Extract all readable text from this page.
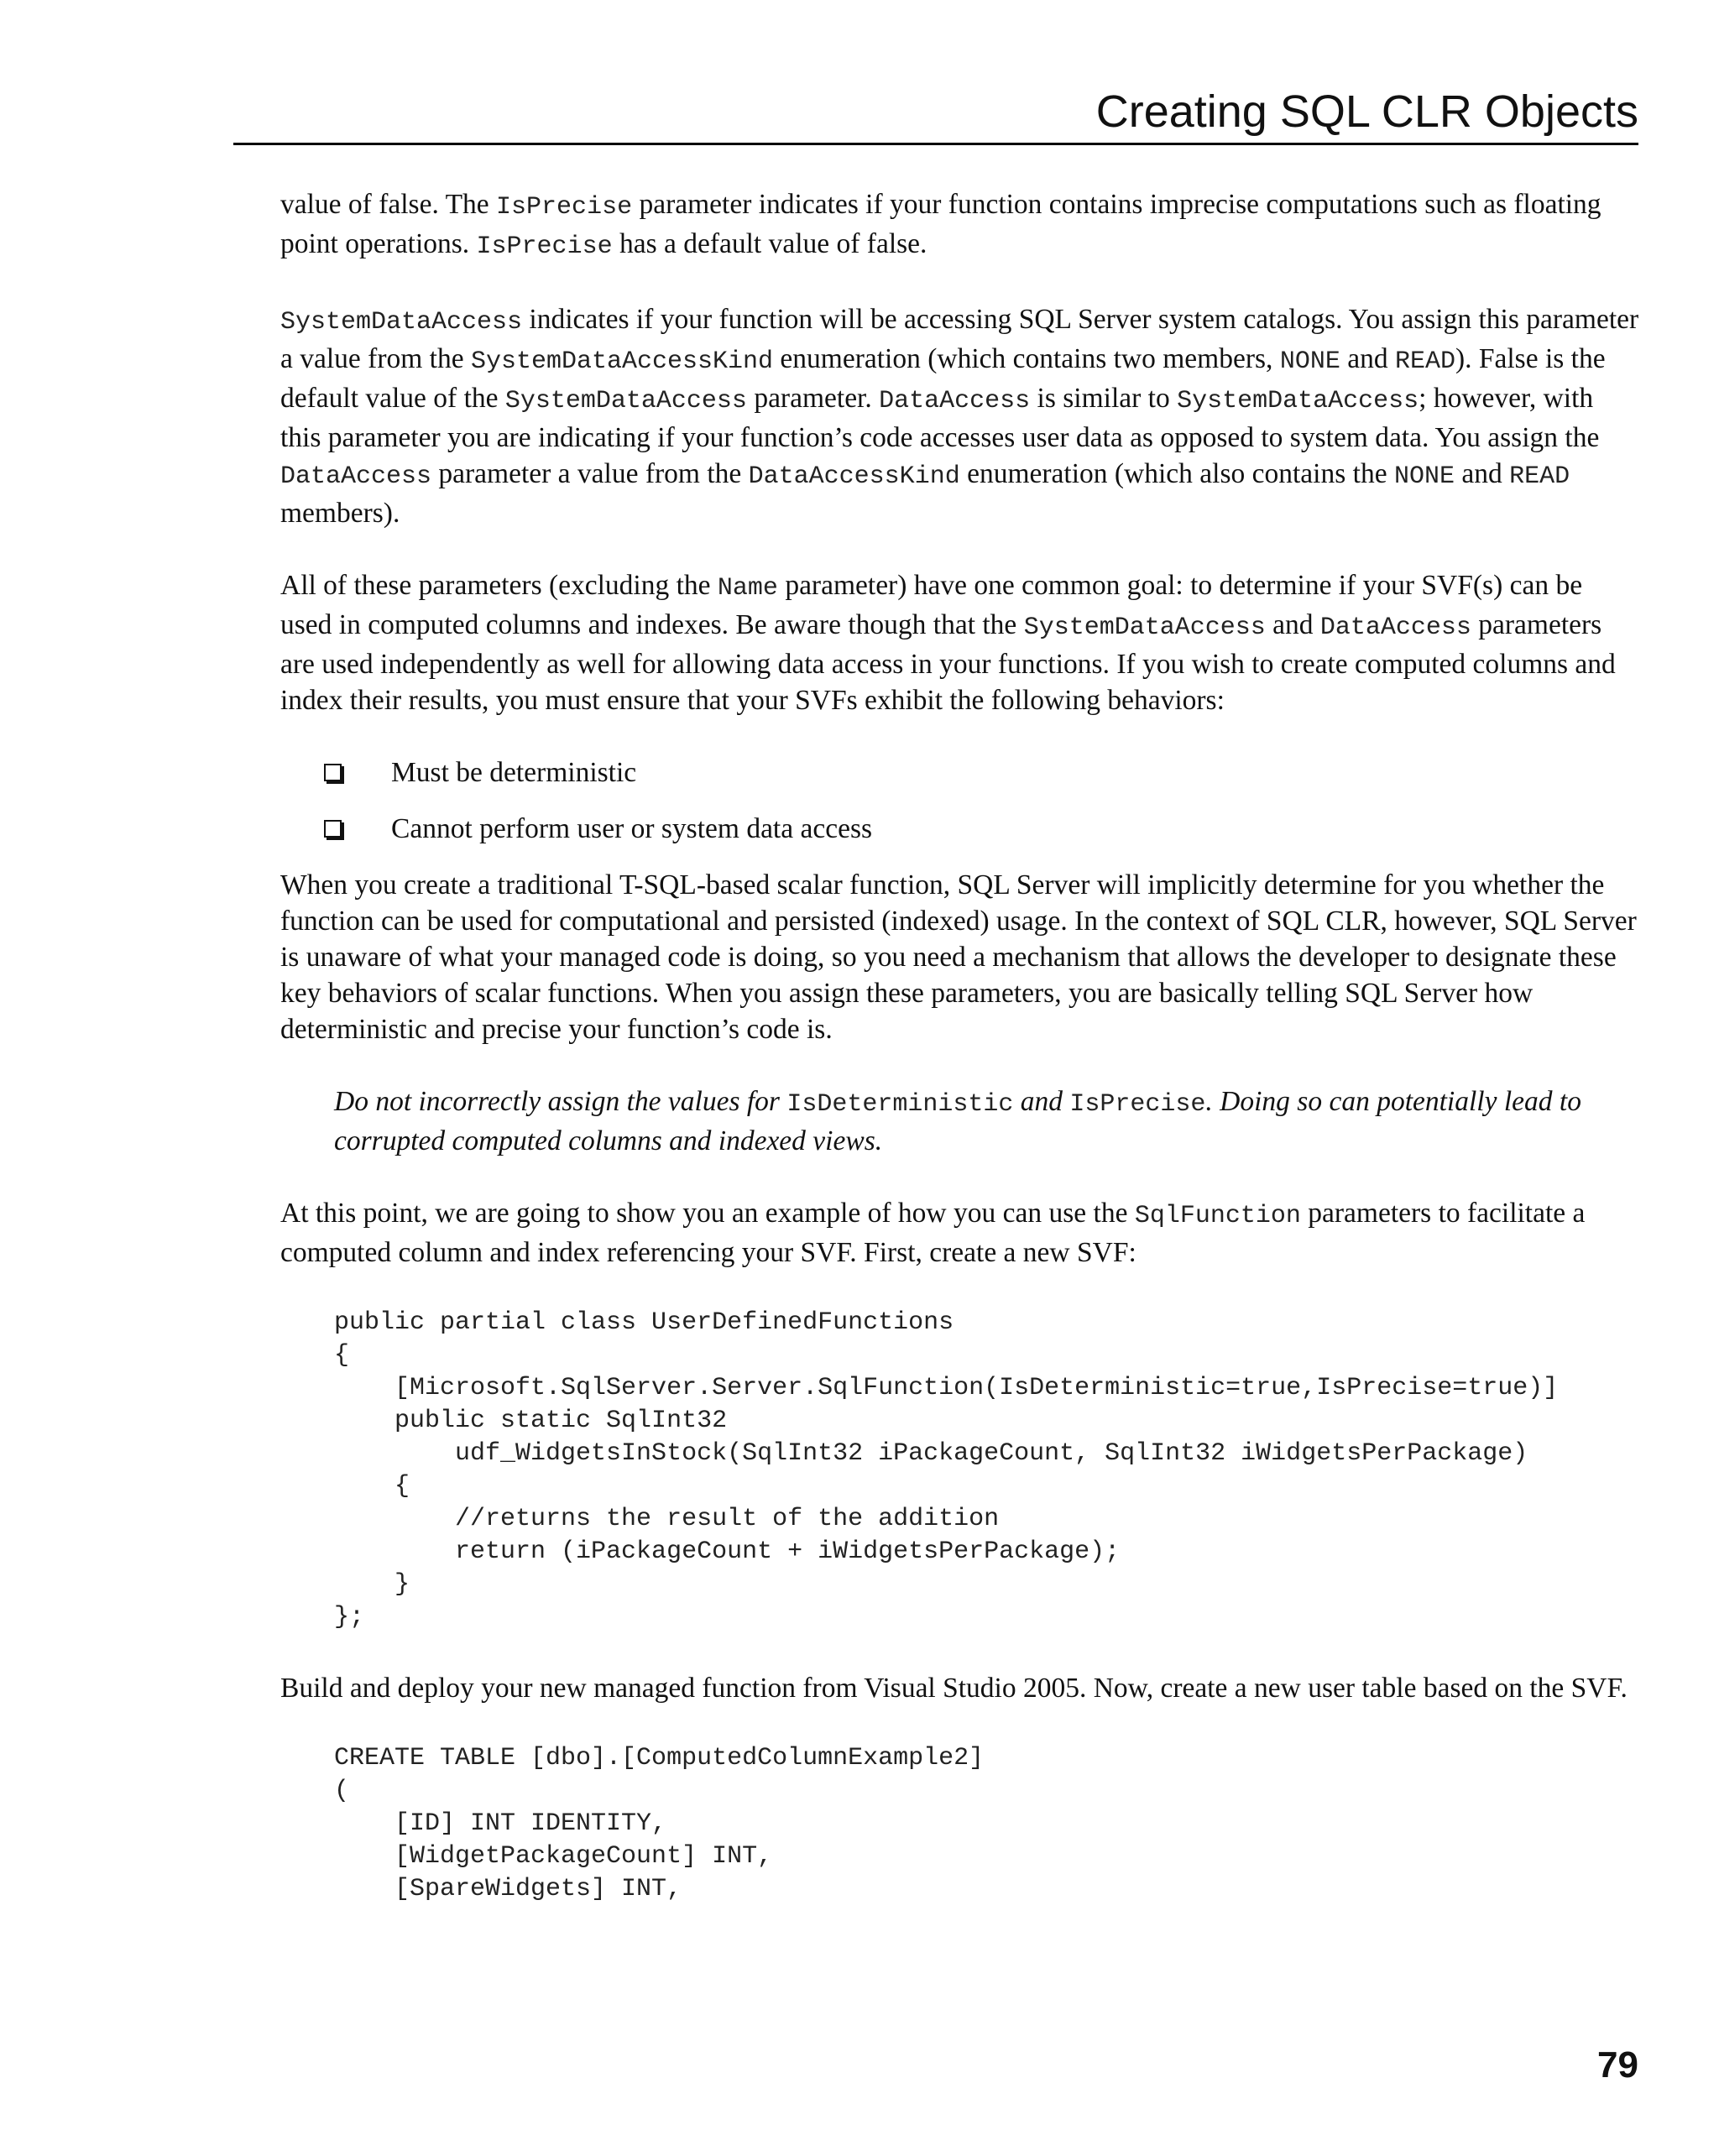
Creating SQL CLR Objects

value of false. The IsPrecise parameter indicates if your function contains imprecise computations such as floating point operations. IsPrecise has a default value of false.

SystemDataAccess indicates if your function will be accessing SQL Server system catalogs. You assign this parameter a value from the SystemDataAccessKind enumeration (which contains two members, NONE and READ). False is the default value of the SystemDataAccess parameter. DataAccess is similar to SystemDataAccess; however, with this parameter you are indicating if your function’s code accesses user data as opposed to system data. You assign the DataAccess parameter a value from the DataAccessKind enumeration (which also contains the NONE and READ members).

All of these parameters (excluding the Name parameter) have one common goal: to determine if your SVF(s) can be used in computed columns and indexes. Be aware though that the SystemDataAccess and DataAccess parameters are used independently as well for allowing data access in your functions. If you wish to create computed columns and index their results, you must ensure that your SVFs exhibit the following behaviors:

Must be deterministic
Cannot perform user or system data access

When you create a traditional T-SQL-based scalar function, SQL Server will implicitly determine for you whether the function can be used for computational and persisted (indexed) usage. In the context of SQL CLR, however, SQL Server is unaware of what your managed code is doing, so you need a mechanism that allows the developer to designate these key behaviors of scalar functions. When you assign these parameters, you are basically telling SQL Server how deterministic and precise your function’s code is.

Do not incorrectly assign the values for IsDeterministic and IsPrecise. Doing so can potentially lead to corrupted computed columns and indexed views.

At this point, we are going to show you an example of how you can use the SqlFunction parameters to facilitate a computed column and index referencing your SVF. First, create a new SVF:

public partial class UserDefinedFunctions
{
[Microsoft.SqlServer.Server.SqlFunction(IsDeterministic=true,IsPrecise=true)]
public static SqlInt32
udf_WidgetsInStock(SqlInt32 iPackageCount, SqlInt32 iWidgetsPerPackage)
{
//returns the result of the addition
return (iPackageCount + iWidgetsPerPackage);
}
};

Build and deploy your new managed function from Visual Studio 2005. Now, create a new user table based on the SVF.

CREATE TABLE [dbo].[ComputedColumnExample2]
(
[ID] INT IDENTITY,
[WidgetPackageCount] INT,
[SpareWidgets] INT,
79
